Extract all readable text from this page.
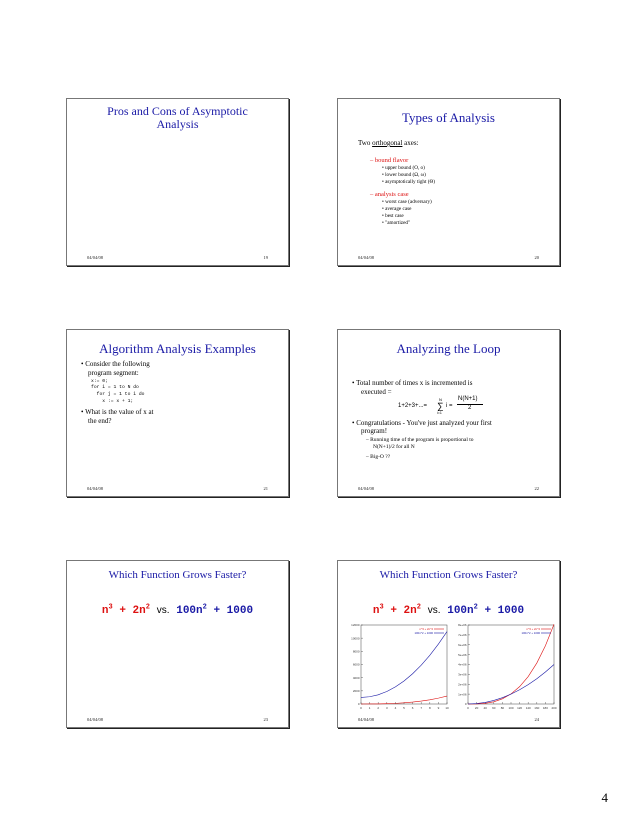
Pros and Cons of Asymptotic
Analysis
04/04/08	19
Types of Analysis
Two orthogonal axes:
– bound flavor
• upper bound (O, o)
• lower bound (Ω, ω)
• asymptotically tight (Θ)
– analysis case
• worst case (adversary)
• average case
• best case
• "amortized"
04/04/08	20
Algorithm Analysis Examples
• Consider the following
program segment:
x:= 0;
for i = 1 to N do
for j = 1 to i do
x := x + 1;
• What is the value of x at
the end?
04/04/08	21
Analyzing the Loop
• Total number of times x is incremented is
executed =
1+2+3+...=
N
∑
i=1
i =
N(N+1)
2
• Congratulations - You've just analyzed your first
program!
– Running time of the program is proportional to
N(N+1)/2 for all N
– Big-O ??
04/04/08	22
Which Function Grows Faster?
$n^3 + 2n^2$ vs. $100n^2 + 1000$
04/04/08	23
Which Function Grows Faster?
$n^3 + 2n^2$ vs. $100n^2 + 1000$
0
2000
4000
6000
8000
10000
12000
0 1 2 3 4 5 6 7 8 9 10
n^3 + 2n^2
100n^2 + 1000
0
1e+06
2e+06
3e+06
4e+06
5e+06
6e+06
7e+06
8e+06
0 20 40 60 80 100 120 140 160 180 200
n^3 + 2n^2
100n^2 + 1000
04/04/08	24
4
